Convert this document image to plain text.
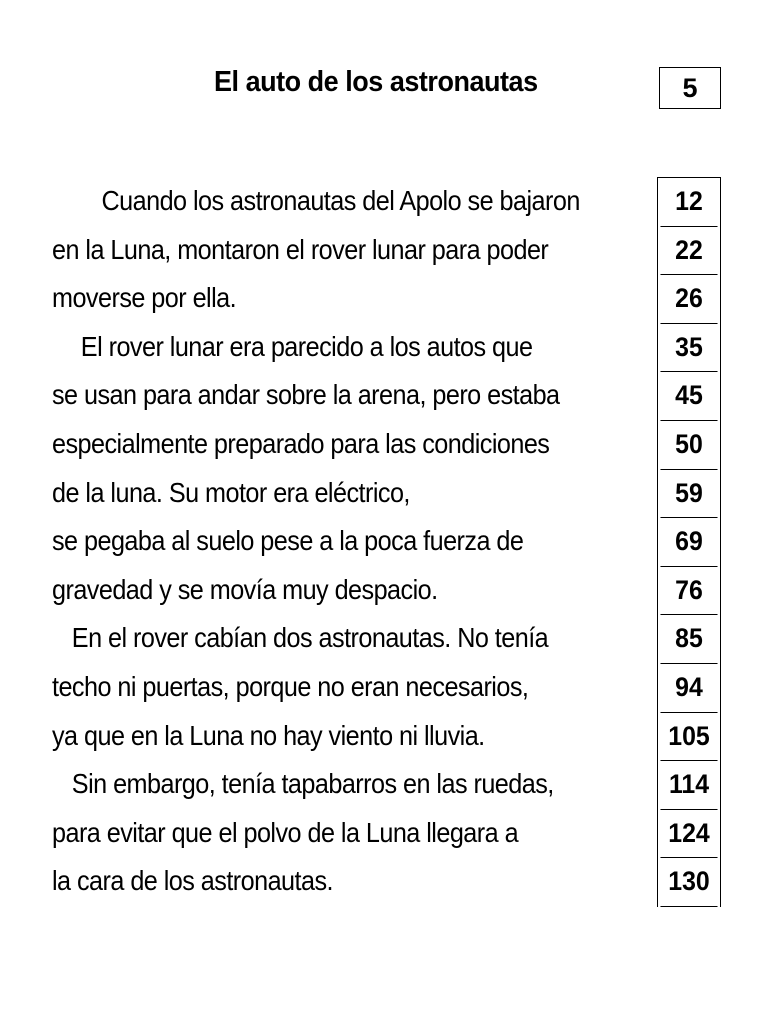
El auto de los astronautas	5
Cuando los astronautas del Apolo se bajaron
en la Luna, montaron el rover lunar para poder
moverse por ella.
El rover lunar era parecido a los autos que
se usan para andar sobre la arena, pero estaba
especialmente preparado para las condiciones
de la luna. Su motor era eléctrico,
se pegaba al suelo pese a la poca fuerza de
gravedad y se movía muy despacio.
En el rover cabían dos astronautas. No tenía
techo ni puertas, porque no eran necesarios,
ya que en la Luna no hay viento ni lluvia.
Sin embargo, tenía tapabarros en las ruedas,
para evitar que el polvo de la Luna llegara a
la cara de los astronautas.
12
22
26
35
45
50
59
69
76
85
94
105
114
124
130
